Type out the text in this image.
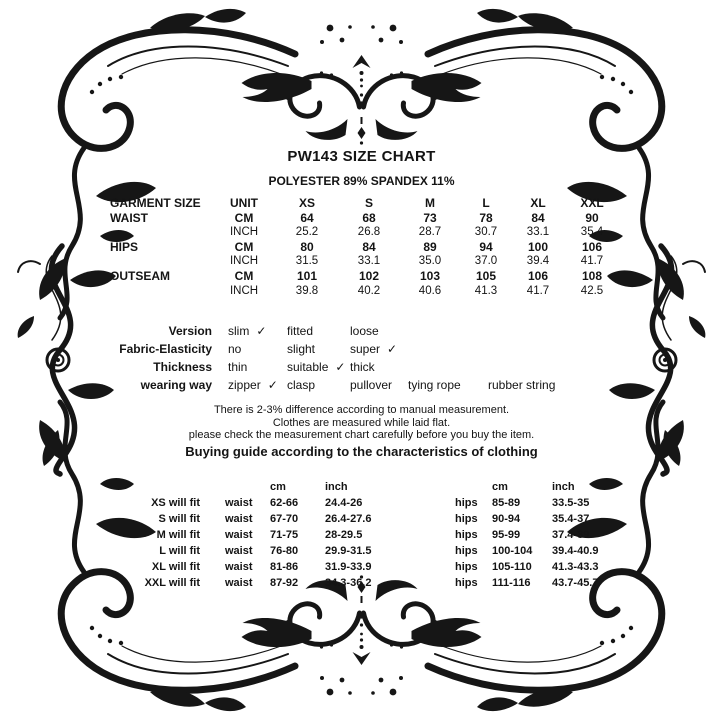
PW143 SIZE CHART
POLYESTER 89% SPANDEX 11%
GARMENT SIZE	UNIT	XS	S	M	L	XL	XXL
WAIST	CM	64	68	73	78	84	90
INCH	25.2	26.8	28.7	30.7	33.1	35.4
HIPS	CM	80	84	89	94	100	106
INCH	31.5	33.1	35.0	37.0	39.4	41.7
OUTSEAM	CM	101	102	103	105	106	108
INCH	39.8	40.2	40.6	41.3	41.7	42.5
Version slim ✓	fitted	loose
Fabric-Elasticity no	slight	super ✓
Thickness thin	suitable ✓ thick
wearing way zipper ✓ clasp	pullover	tying rope	rubber string
There is 2-3% difference according to manual measurement.
Clothes are measured while laid flat.
please check the measurement chart carefully before you buy the item.
Buying guide according to the characteristics of clothing
cm	inch	cm	inch
XS will fit	waist	62-66	24.4-26	hips	85-89	33.5-35
S will fit	waist	67-70	26.4-27.6	hips	90-94	35.4-37
M will fit	waist	71-75	28-29.5	hips	95-99	37.4-39
L will fit	waist	76-80	29.9-31.5	hips	100-104	39.4-40.9
XL will fit	waist	81-86	31.9-33.9	hips	105-110	41.3-43.3
XXL will fit	waist	87-92	34.3-36.2	hips	111-116	43.7-45.7
